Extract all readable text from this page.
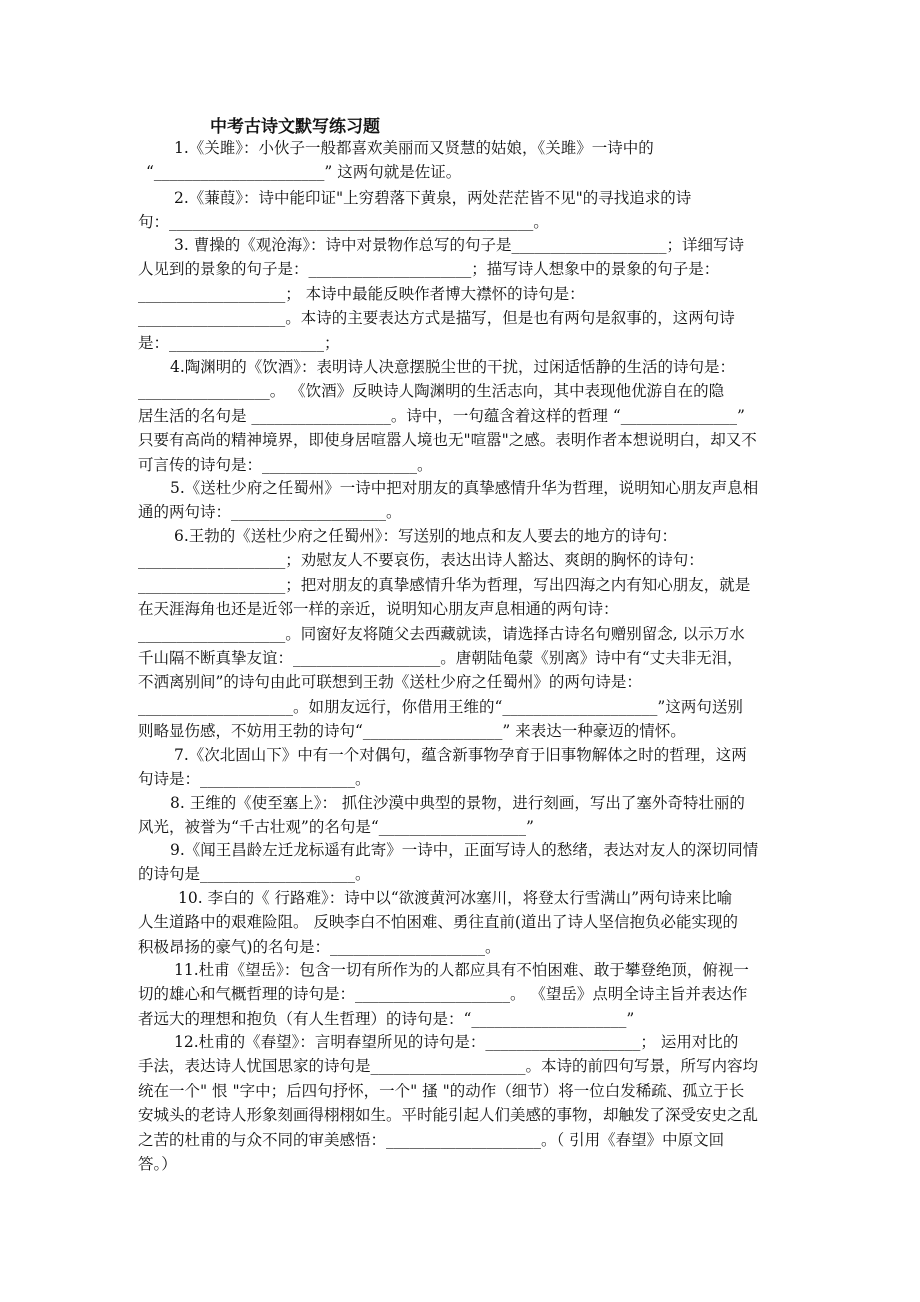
中考古诗文默写练习题
1.《关雎》：小伙子一般都喜欢美丽而又贤慧的姑娘，《关雎》一诗中的
“______________________” 这两句就是佐证。
2.《蒹葭》：诗中能印证"上穷碧落下黄泉，两处茫茫皆不见"的寻找追求的诗
句：_______________________________________________。
3. 曹操的《观沧海》：诗中对景物作总写的句子是____________________；详细写诗
人见到的景象的句子是：_____________________；描写诗人想象中的景象的句子是：
___________________； 本诗中最能反映作者博大襟怀的诗句是：
___________________。本诗的主要表达方式是描写，但是也有两句是叙事的，这两句诗
是：____________________；
4.陶渊明的《饮酒》：表明诗人决意摆脱尘世的干扰，过闲适恬静的生活的诗句是：
_________________。 《饮酒》反映诗人陶渊明的生活志向，其中表现他优游自在的隐
居生活的名句是 __________________。诗中，一句蕴含着这样的哲理 “_______________”
只要有高尚的精神境界，即使身居喧嚣人境也无"喧嚣"之感。表明作者本想说明白，却又不
可言传的诗句是：____________________。
5.《送杜少府之任蜀州》一诗中把对朋友的真挚感情升华为哲理，说明知心朋友声息相
通的两句诗：____________________。
6.王勃的《送杜少府之任蜀州》：写送别的地点和友人要去的地方的诗句：
___________________；劝慰友人不要哀伤，表达出诗人豁达、爽朗的胸怀的诗句：
___________________；把对朋友的真挚感情升华为哲理，写出四海之内有知心朋友，就是
在天涯海角也还是近邻一样的亲近，说明知心朋友声息相通的两句诗：
___________________。同窗好友将随父去西藏就读，请选择古诗名句赠别留念, 以示万水
千山隔不断真挚友谊：___________________。唐朝陆龟蒙《别离》诗中有“丈夫非无泪，
不洒离别间”的诗句由此可联想到王勃《送杜少府之任蜀州》的两句诗是：
____________________。如朋友远行，你借用王维的“____________________”这两句送别
则略显伤感，不妨用王勃的诗句“__________________” 来表达一种豪迈的情怀。
7.《次北固山下》中有一个对偶句，蕴含新事物孕育于旧事物解体之时的哲理，这两
句诗是：____________________。
8. 王维的《使至塞上》： 抓住沙漠中典型的景物，进行刻画，写出了塞外奇特壮丽的
风光，被誉为“千古壮观”的名句是“___________________”
9.《闻王昌龄左迁龙标遥有此寄》一诗中，正面写诗人的愁绪，表达对友人的深切同情
的诗句是____________________。
10. 李白的《 行路难》：诗中以“欲渡黄河冰塞川，将登太行雪满山”两句诗来比喻
人生道路中的艰难险阻。 反映李白不怕困难、勇往直前(道出了诗人坚信抱负必能实现的
积极昂扬的豪气)的名句是：____________________。
11.杜甫《望岳》：包含一切有所作为的人都应具有不怕困难、敢于攀登绝顶，俯视一
切的雄心和气概哲理的诗句是：____________________。 《望岳》点明全诗主旨并表达作
者远大的理想和抱负（有人生哲理）的诗句是：“____________________”
12.杜甫的《春望》：言明春望所见的诗句是：____________________； 运用对比的
手法，表达诗人忧国思家的诗句是____________________。本诗的前四句写景，所写内容均
统在一个" 恨 "字中；后四句抒怀，一个" 搔 "的动作（细节）将一位白发稀疏、孤立于长
安城头的老诗人形象刻画得栩栩如生。平时能引起人们美感的事物，却触发了深受安史之乱
之苦的杜甫的与众不同的审美感悟：____________________。（ 引用《春望》中原文回
答。）
